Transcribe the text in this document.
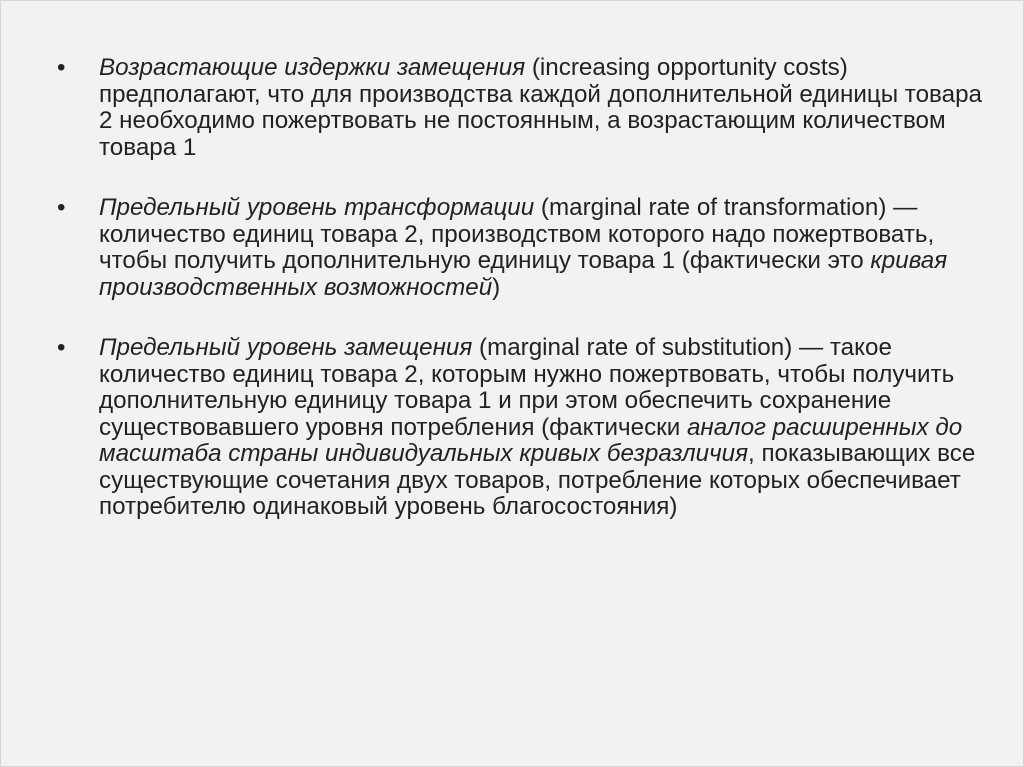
• Возрастающие издержки замещения (increasing opportunity costs) предполагают, что для производства каждой дополнительной единицы товара 2 необходимо пожертвовать не постоянным, а возрастающим количеством товара 1
• Предельный уровень трансформации (marginal rate of transformation) — количество единиц товара 2, производством которого надо пожертвовать, чтобы получить дополнительную единицу товара 1 (фактически это кривая производственных возможностей)
• Предельный уровень замещения (marginal rate of substitution) — такое количество единиц товара 2, которым нужно пожертвовать, чтобы получить дополнительную единицу товара 1 и при этом обеспечить сохранение существовавшего уровня потребления (фактически аналог расширенных до масштаба страны индивидуальных кривых безразличия, показывающих все существующие сочетания двух товаров, потребление которых обеспечивает потребителю одинаковый уровень благосостояния)
